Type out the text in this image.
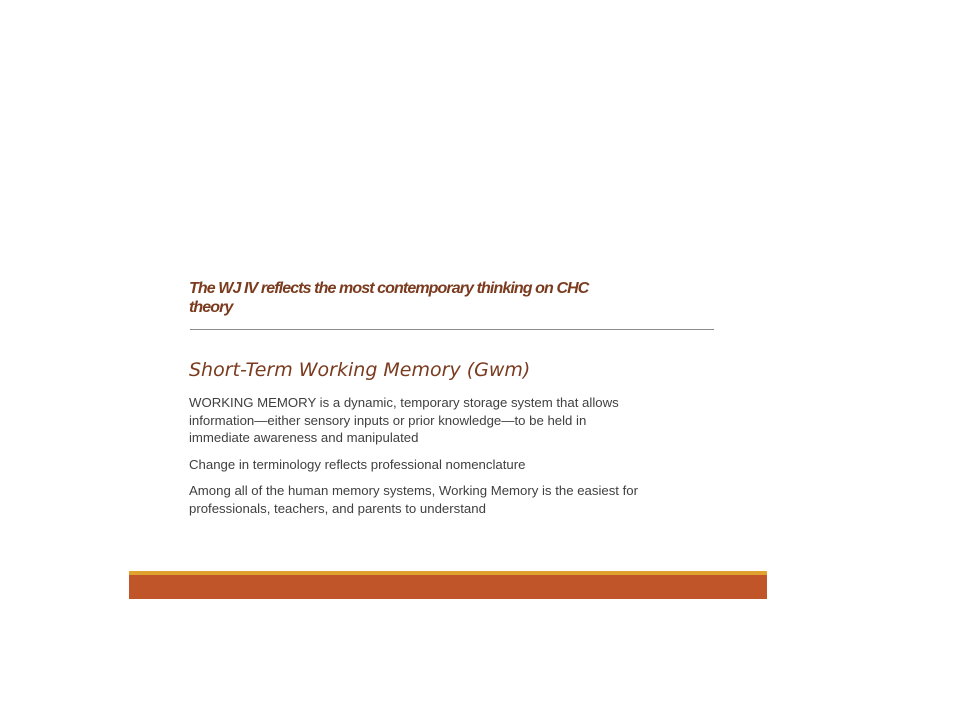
The WJ IV reflects the most contemporary thinking on CHC theory
Short-Term Working Memory (Gwm)
WORKING MEMORY is a dynamic, temporary storage system that allows information—either sensory inputs or prior knowledge—to be held in immediate awareness and manipulated
Change in terminology reflects professional nomenclature
Among all of the human memory systems, Working Memory is the easiest for professionals, teachers, and parents to understand
